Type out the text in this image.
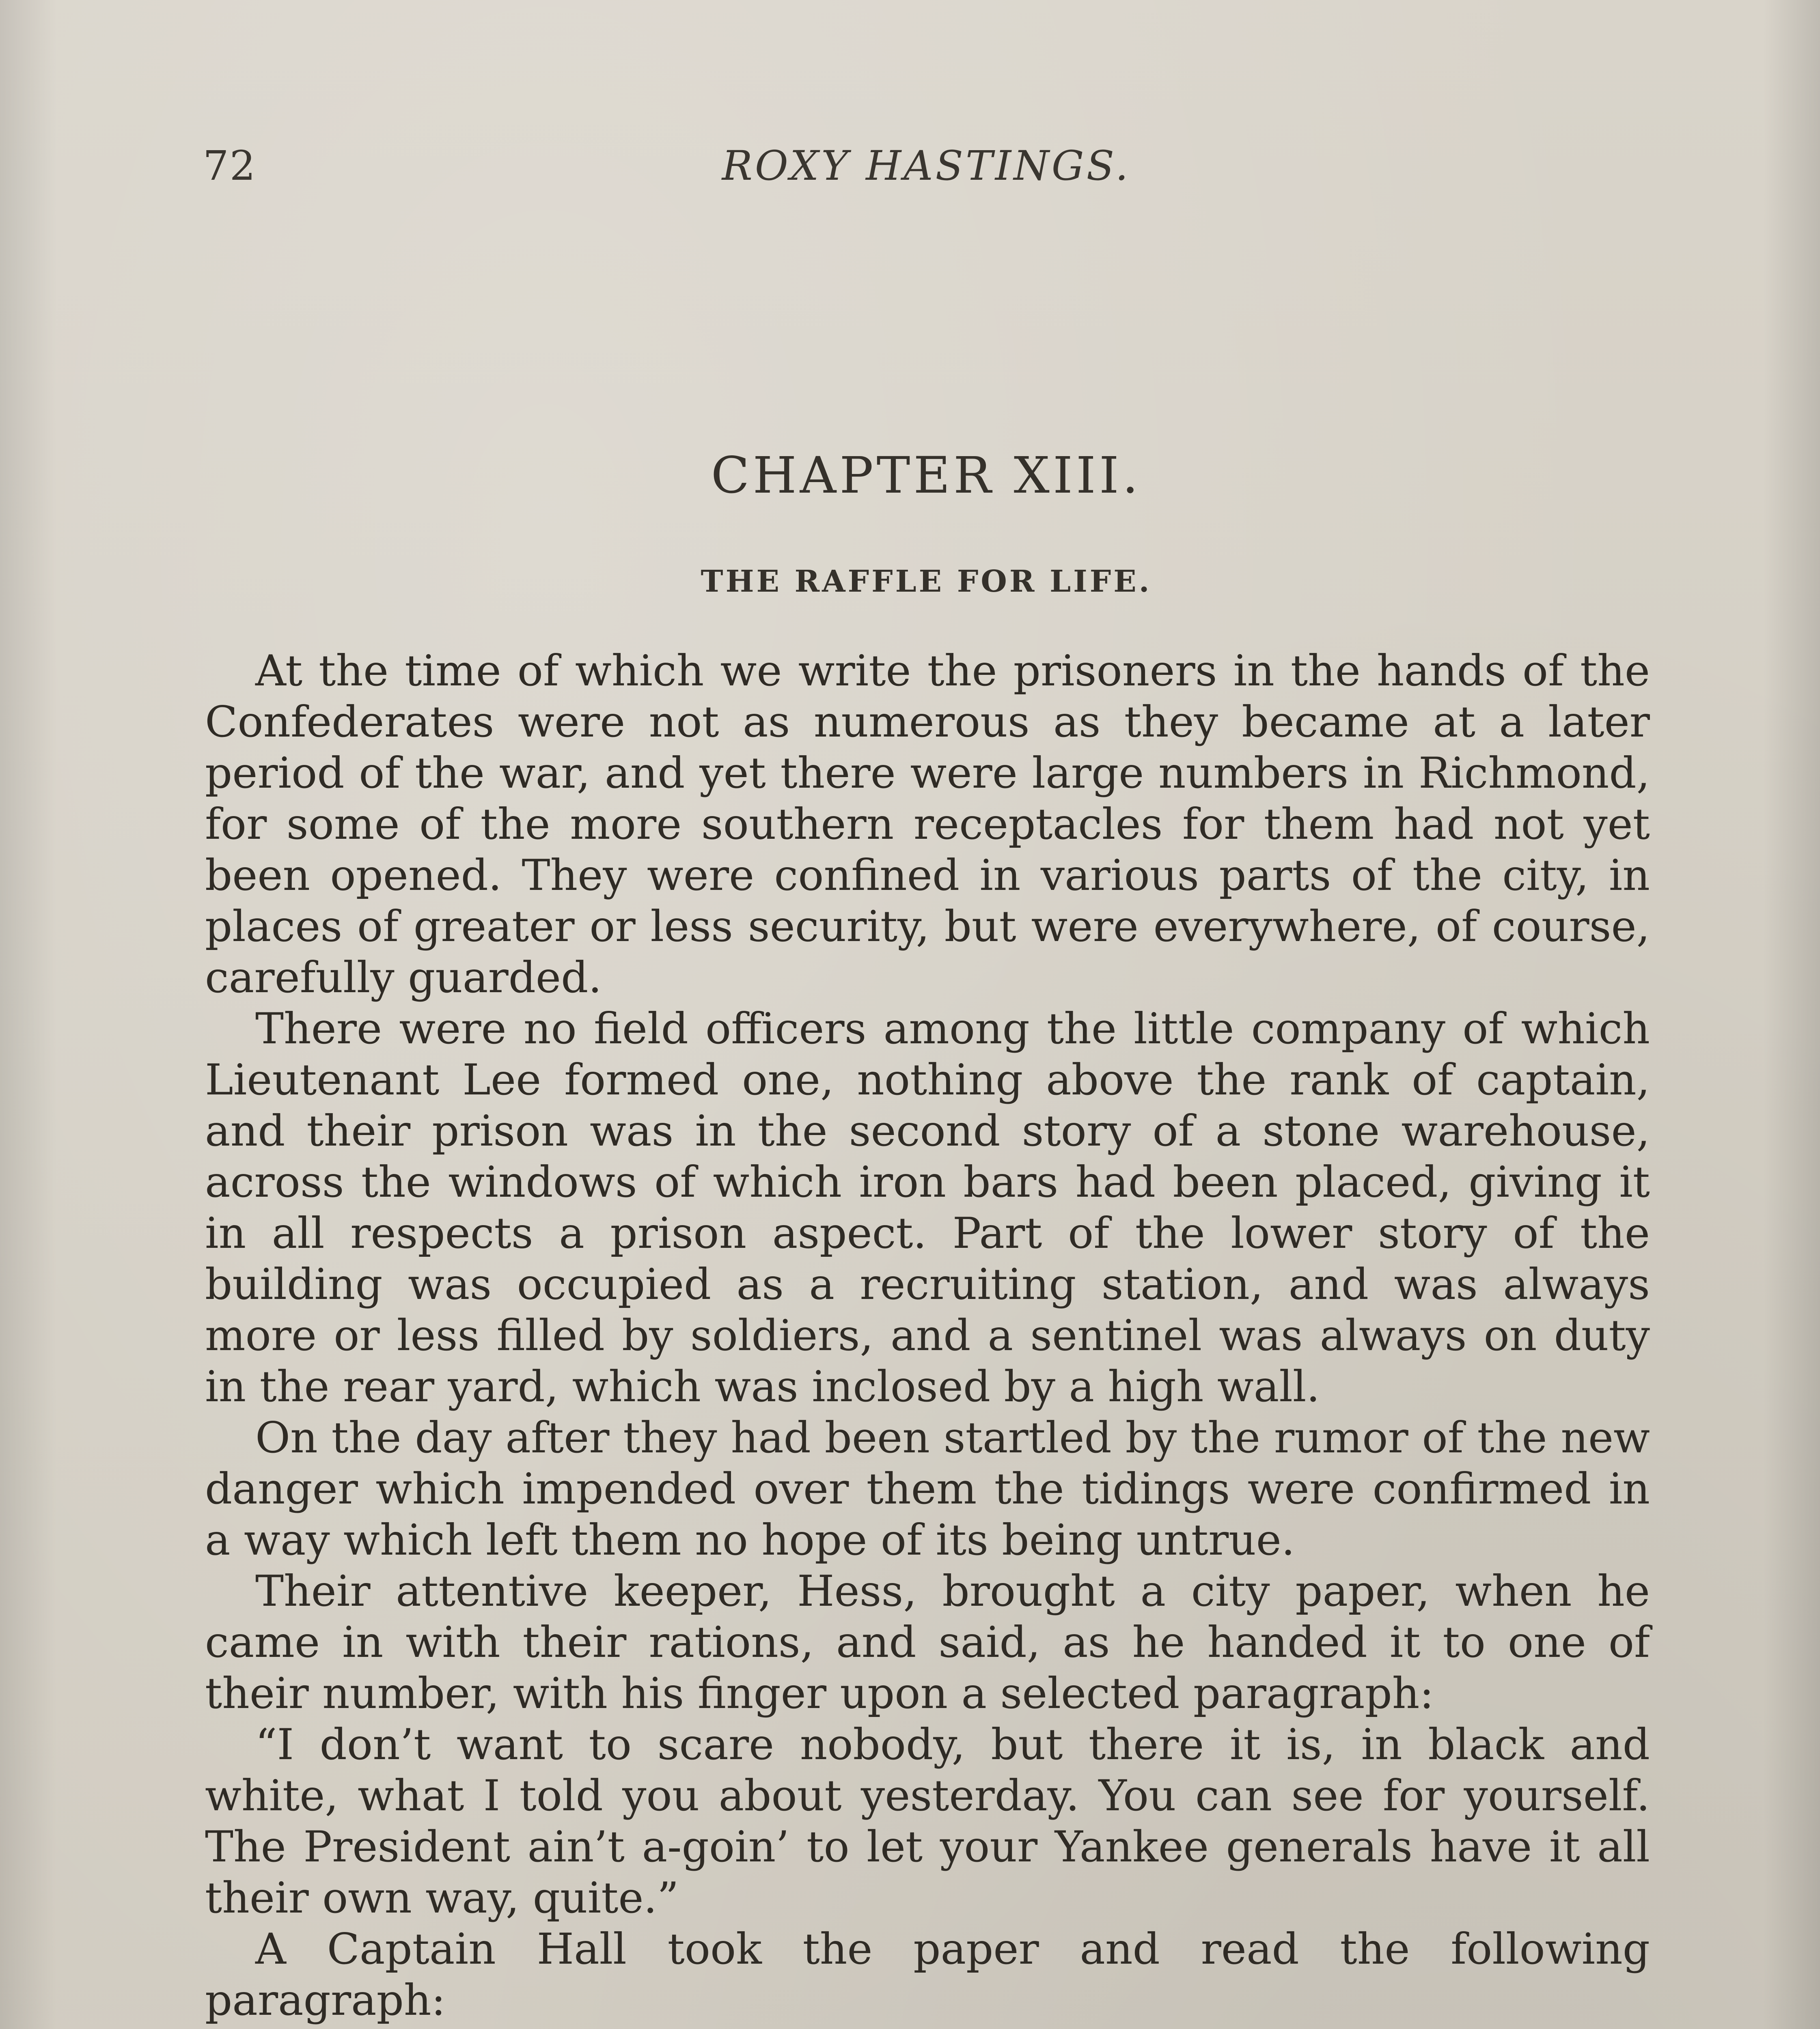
72	ROXY HASTINGS.
CHAPTER XIII.
THE RAFFLE FOR LIFE.

At the time of which we write the prisoners in the hands of the Confederates were not as numerous as they became at a later period of the war, and yet there were large numbers in Richmond, for some of the more southern receptacles for them had not yet been opened. They were confined in various parts of the city, in places of greater or less security, but were everywhere, of course, carefully guarded.

There were no field officers among the little company of which Lieutenant Lee formed one, nothing above the rank of captain, and their prison was in the second story of a stone warehouse, across the windows of which iron bars had been placed, giving it in all respects a prison aspect. Part of the lower story of the building was occupied as a recruiting station, and was always more or less filled by soldiers, and a sentinel was always on duty in the rear yard, which was inclosed by a high wall.

On the day after they had been startled by the rumor of the new danger which impended over them the tidings were confirmed in a way which left them no hope of its being untrue.

Their attentive keeper, Hess, brought a city paper, when he came in with their rations, and said, as he handed it to one of their number, with his finger upon a selected paragraph:

“I don’t want to scare nobody, but there it is, in black and white, what I told you about yesterday. You can see for yourself. The President ain’t a-goin’ to let your Yankee generals have it all their own way, quite.”

A Captain Hall took the paper and read the following paragraph:
